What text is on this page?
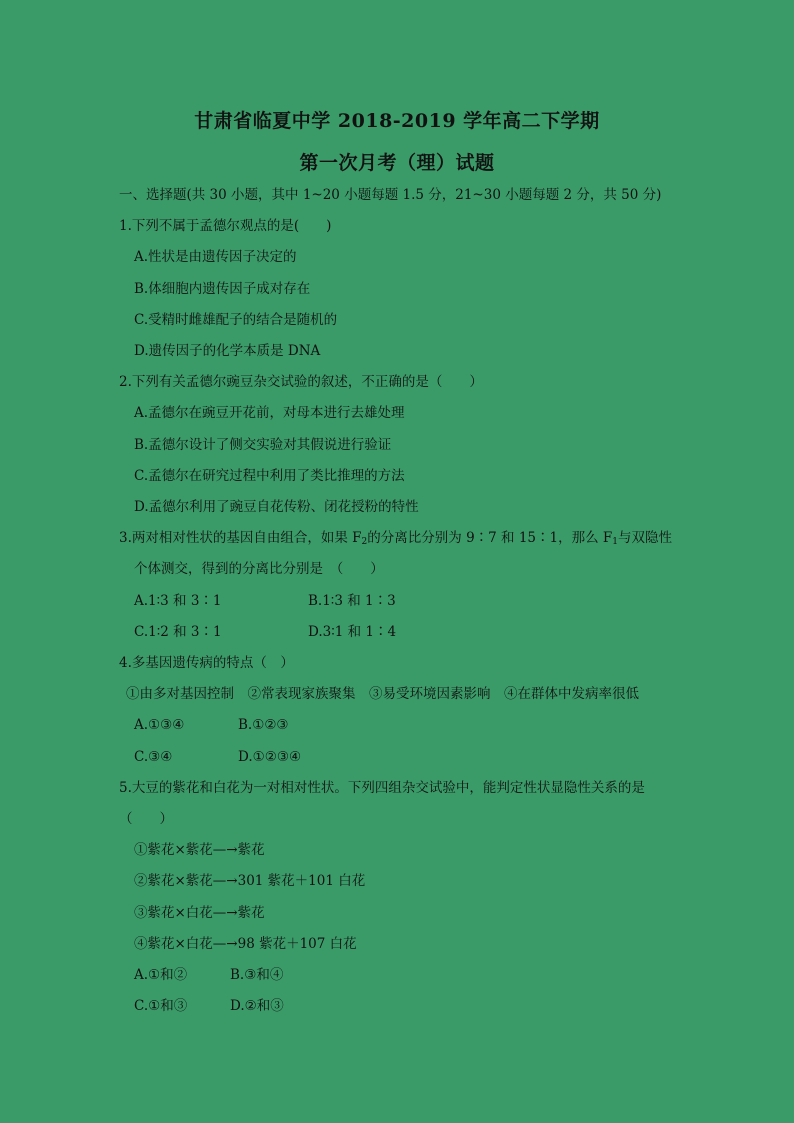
甘肃省临夏中学 2018-2019 学年高二下学期
第一次月考（理）试题
一、选择题(共 30 小题，其中 1~20 小题每题 1.5 分，21~30 小题每题 2 分，共 50 分)
1.下列不属于孟德尔观点的是(　　)
A.性状是由遗传因子决定的
B.体细胞内遗传因子成对存在
C.受精时雌雄配子的结合是随机的
D.遗传因子的化学本质是 DNA
2.下列有关孟德尔豌豆杂交试验的叙述，不正确的是（　　）
A.孟德尔在豌豆开花前，对母本进行去雄处理
B.孟德尔设计了侧交实验对其假说进行验证
C.孟德尔在研究过程中利用了类比推理的方法
D.孟德尔利用了豌豆自花传粉、闭花授粉的特性
3.两对相对性状的基因自由组合，如果 $F_2$的分离比分别为 9∶7 和 15∶1，那么 $F_1$与双隐性
个体测交，得到的分离比分别是　（　　）
A.1∶3 和 3∶1	B.1∶3 和 1∶3
C.1∶2 和 3∶1	D.3∶1 和 1∶4
4.多基因遗传病的特点（　）
①由多对基因控制　②常表现家族聚集　③易受环境因素影响　④在群体中发病率很低
A.①③④	B.①②③
C.③④	D.①②③④
5.大豆的紫花和白花为一对相对性状。下列四组杂交试验中，能判定性状显隐性关系的是
（　　）
①紫花×紫花—→紫花
②紫花×紫花—→301 紫花＋101 白花
③紫花×白花—→紫花
④紫花×白花—→98 紫花＋107 白花
A.①和②	B.③和④
C.①和③	D.②和③
